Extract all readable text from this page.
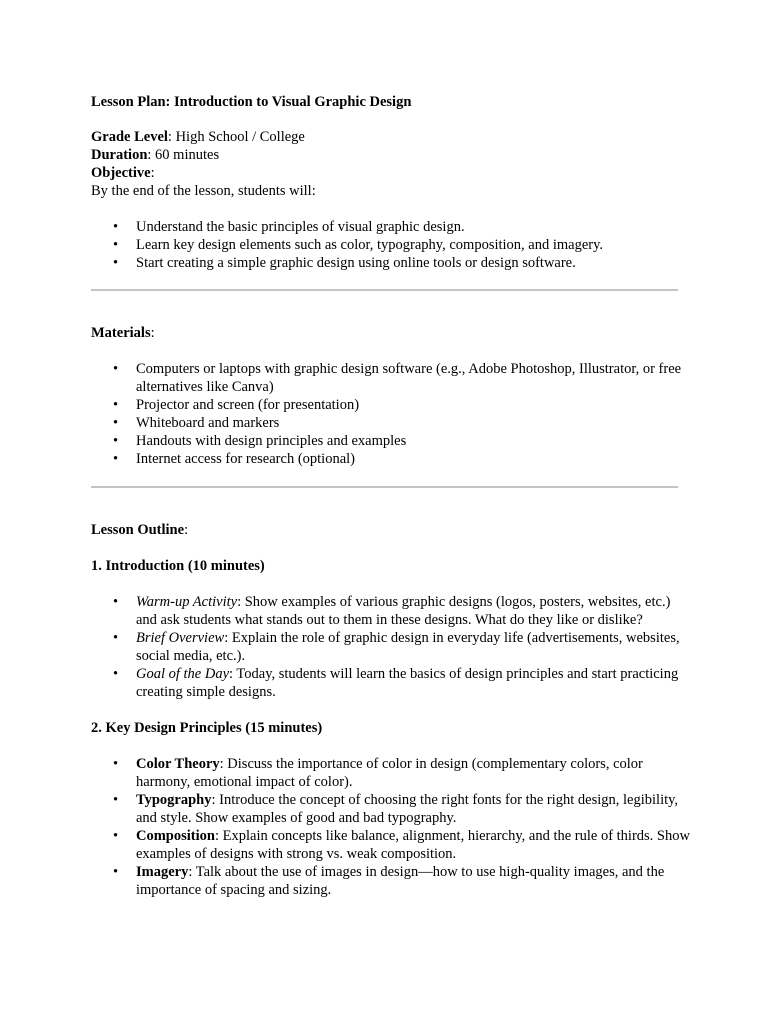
Lesson Plan: Introduction to Visual Graphic Design

Grade Level: High School / College

Duration: 60 minutes

Objective:

By the end of the lesson, students will:

• Understand the basic principles of visual graphic design.
• Learn key design elements such as color, typography, composition, and imagery.
• Start creating a simple graphic design using online tools or design software.

Materials:

• Computers or laptops with graphic design software (e.g., Adobe Photoshop, Illustrator, or free alternatives like Canva)
• Projector and screen (for presentation)
• Whiteboard and markers
• Handouts with design principles and examples
• Internet access for research (optional)

Lesson Outline:

1. Introduction (10 minutes)

• Warm-up Activity: Show examples of various graphic designs (logos, posters, websites, etc.) and ask students what stands out to them in these designs. What do they like or dislike?
• Brief Overview: Explain the role of graphic design in everyday life (advertisements, websites, social media, etc.).
• Goal of the Day: Today, students will learn the basics of design principles and start practicing creating simple designs.

2. Key Design Principles (15 minutes)

• Color Theory: Discuss the importance of color in design (complementary colors, color harmony, emotional impact of color).
• Typography: Introduce the concept of choosing the right fonts for the right design, legibility, and style. Show examples of good and bad typography.
• Composition: Explain concepts like balance, alignment, hierarchy, and the rule of thirds. Show examples of designs with strong vs. weak composition.
• Imagery: Talk about the use of images in design—how to use high-quality images, and the importance of spacing and sizing.
